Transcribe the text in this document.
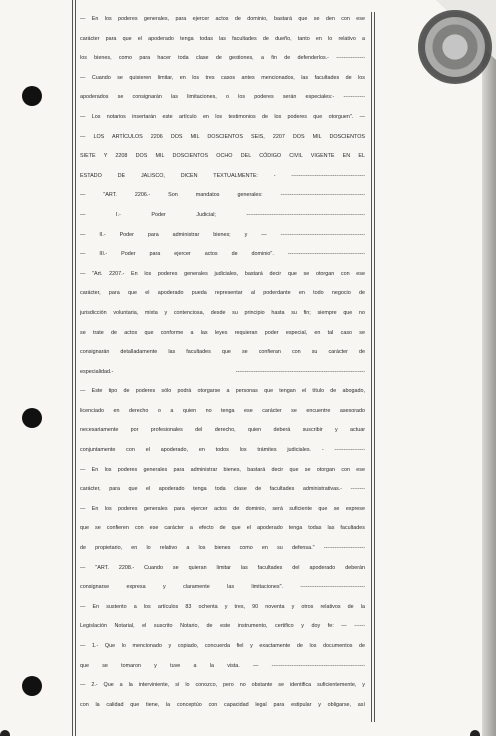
— En los poderes generales, para ejercer actos de dominio, bastará que se den con ese
carácter para que el apoderado tenga todas las facultades de dueño, tanto en lo relativo a
los bienes, como para hacer toda clase de gestiones, a fin de defenderlos.- ----------------
— Cuando se quisieren limitar, en los tres casos antes mencionados, las facultades de los
apoderados se consignarán las limitaciones, o los poderes serán especiales:- ------------
— Los notarios insertarán este artículo en los testimonios de los poderes que otorguen". —
— LOS ARTÍCULOS 2206 DOS MIL DOSCIENTOS SEIS, 2207 DOS MIL DOSCIENTOS
SIETE Y 2208 DOS MIL DOSCIENTOS OCHO DEL CÓDIGO CIVIL VIGENTE EN EL
ESTADO DE JALISCO, DICEN TEXTUALMENTE: - -----------------------------------------
— "ART. 2206.- Son mandatos generales: -----------------------------------------------
— I.- Poder Judicial; ------------------------------------------------------------------
— II.- Poder para administrar bienes; y — -----------------------------------------------
— III.- Poder para ejercer actos de dominio". -------------------------------------------
— "Art. 2207.- En los poderes generales judiciales, bastará decir que se otorgan con ese
carácter, para que el apoderado pueda representar al poderdante en todo negocio de
jurisdicción voluntaria, mixta y contenciosa, desde su principio hasta su fin; siempre que no
se trate de actos que conforme a las leyes requieran poder especial, en tal caso se
consignarán detalladamente las facultades que se confieran con su carácter de
especialidad.- ------------------------------------------------------------------------
— Este tipo de poderes sólo podrá otorgarse a personas que tengan el título de abogado,
licenciado en derecho o a quien no tenga ese carácter se encuentre asesorado
necesariamente por profesionales del derecho, quien deberá suscribir y actuar
conjuntamente con el apoderado, en todos los trámites judiciales. - -----------------
— En los poderes generales para administrar bienes, bastará decir que se otorgan con ese
carácter, para que el apoderado tenga toda clase de facultades administrativas.- --------
— En los poderes generales para ejercer actos de dominio, será suficiente que se exprese
que se confieren con ese carácter a efecto de que el apoderado tenga todas las facultades
de propietario, en lo relativo a los bienes como en su defensa." -----------------------
— "ART. 2208.- Cuando se quieran limitar las facultades del apoderado deberán
consignarse expresa y claramente las limitaciones". ------------------------------------
— En sustento a los artículos 83 ochenta y tres, 90 noventa y otros relativos de la
Legislación Notarial, el suscrito Notario, de este instrumento, certifico y doy fe: — ------
— 1.- Que lo mencionado y copiado, concuerda fiel y exactamente de los documentos de
que se tomaron y tuve a la vista. — ----------------------------------------------------
— 2.- Que a la interviniente, sí lo conozco, pero no obstante se identifica suficientemente, y
con la calidad que tiene, la conceptúo con capacidad legal para estipular y obligarse, así
